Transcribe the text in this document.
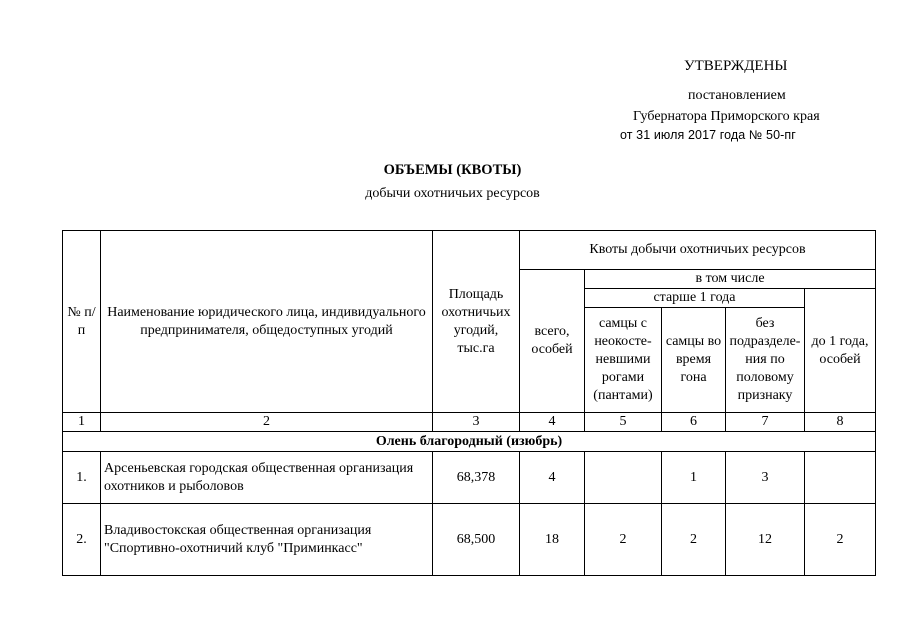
УТВЕРЖДЕНЫ
постановлением
Губернатора Приморского края
от 31 июля 2017 года № 50-пг
ОБЪЕМЫ (КВОТЫ)
добычи охотничьих ресурсов
№ п/п	Наименование юридического лица, индивидуального предпринимателя, общедоступных угодий	Площадь охотничьих угодий, тыс.га	Квоты добычи охотничьих ресурсов				
			всего, особей	в том числе			
				старше 1 года			до 1 года, особей
				самцы с неокосте-невшими рогами (пантами)	самцы во время гона	без подразделе-ния по половому признаку	
1	2	3	4	5	6	7	8
Олень благородный (изюбрь)							
1.	Арсеньевская городская общественная организация охотников и рыболовов	68,378	4		1	3	
2.	Владивостокская общественная организация "Спортивно-охотничий клуб "Приминкасс"	68,500	18	2	2	12	2
